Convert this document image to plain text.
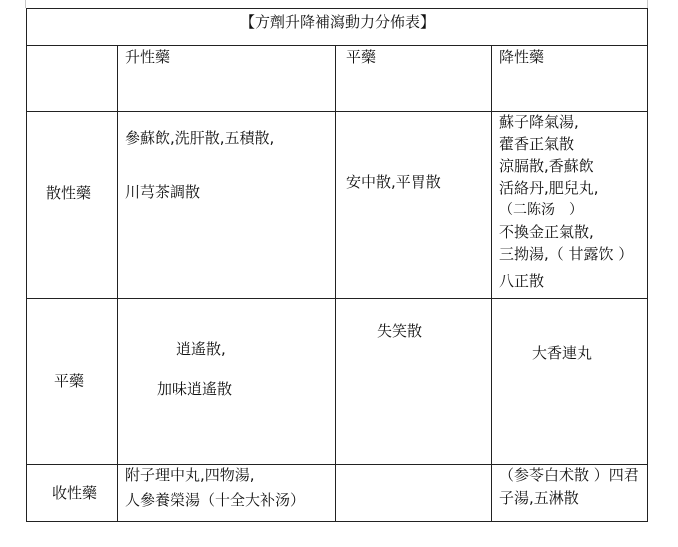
【方劑升降補瀉動力分佈表】
升性藥	平藥	降性藥
散性藥
平藥
收性藥
參蘇飲,洗肝散,五積散,
川芎茶調散
安中散,平胃散
蘇子降氣湯,
藿香正氣散
涼膈散,香蘇飲
活絡丹,肥兒丸,
（二陈汤　）
不換金正氣散,
三拗湯,（ 甘露饮 ）
八正散
逍遙散,
加味逍遙散
失笑散
大香連丸
附子理中丸,四物湯,
人參養榮湯（十全大补汤）
（参苓白术散 ）四君
子湯,五淋散
